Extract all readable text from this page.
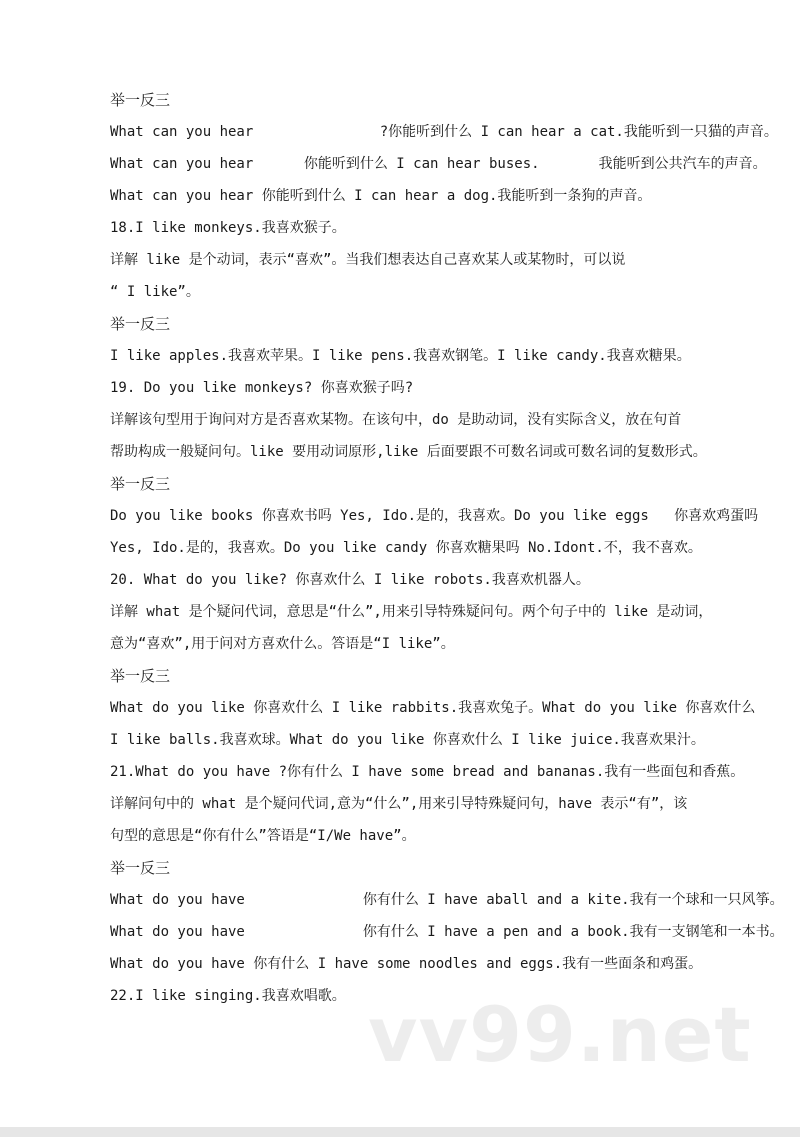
举一反三
What can you hear               ?你能听到什么 I can hear a cat.我能听到一只猫的声音。
What can you hear      你能听到什么 I can hear buses.       我能听到公共汽车的声音。
What can you hear 你能听到什么 I can hear a dog.我能听到一条狗的声音。
18.I like monkeys.我喜欢猴子。
详解 like 是个动词，表示“喜欢”。当我们想表达自己喜欢某人或某物时，可以说
“ I like”。
举一反三
I like apples.我喜欢苹果。I like pens.我喜欢钢笔。I like candy.我喜欢糖果。
19. Do you like monkeys? 你喜欢猴子吗?
详解该句型用于询问对方是否喜欢某物。在该句中，do 是助动词，没有实际含义，放在句首
帮助构成一般疑问句。like 要用动词原形,like 后面要跟不可数名词或可数名词的复数形式。
举一反三
Do you like books 你喜欢书吗 Yes, Ido.是的，我喜欢。Do you like eggs   你喜欢鸡蛋吗
Yes, Ido.是的，我喜欢。Do you like candy 你喜欢糖果吗 No.Idont.不，我不喜欢。
20. What do you like? 你喜欢什么 I like robots.我喜欢机器人。
详解 what 是个疑问代词，意思是“什么”,用来引导特殊疑问句。两个句子中的 like 是动词，
意为“喜欢”,用于问对方喜欢什么。答语是“I like”。
举一反三
What do you like 你喜欢什么 I like rabbits.我喜欢兔子。What do you like 你喜欢什么
I like balls.我喜欢球。What do you like 你喜欢什么 I like juice.我喜欢果汁。
21.What do you have ?你有什么 I have some bread and bananas.我有一些面包和香蕉。
详解问句中的 what 是个疑问代词,意为“什么”,用来引导特殊疑问句，have 表示“有”，该
句型的意思是“你有什么”答语是“I/We have”。
举一反三
What do you have              你有什么 I have aball and a kite.我有一个球和一只风筝。
What do you have              你有什么 I have a pen and a book.我有一支钢笔和一本书。
What do you have 你有什么 I have some noodles and eggs.我有一些面条和鸡蛋。
22.I like singing.我喜欢唱歌。 vv99.net
